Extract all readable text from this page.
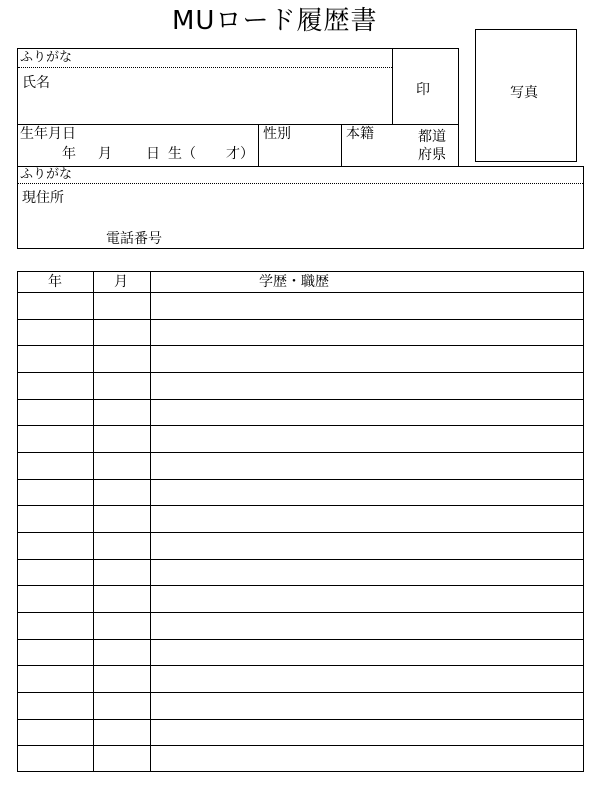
MUロード履歴書
ふりがな
氏名	印	写真
生年月日
年 月 日 生（ 才）
性別	本籍	都道
府県
ふりがな
現住所
電話番号
年	月	学歴・職歴
